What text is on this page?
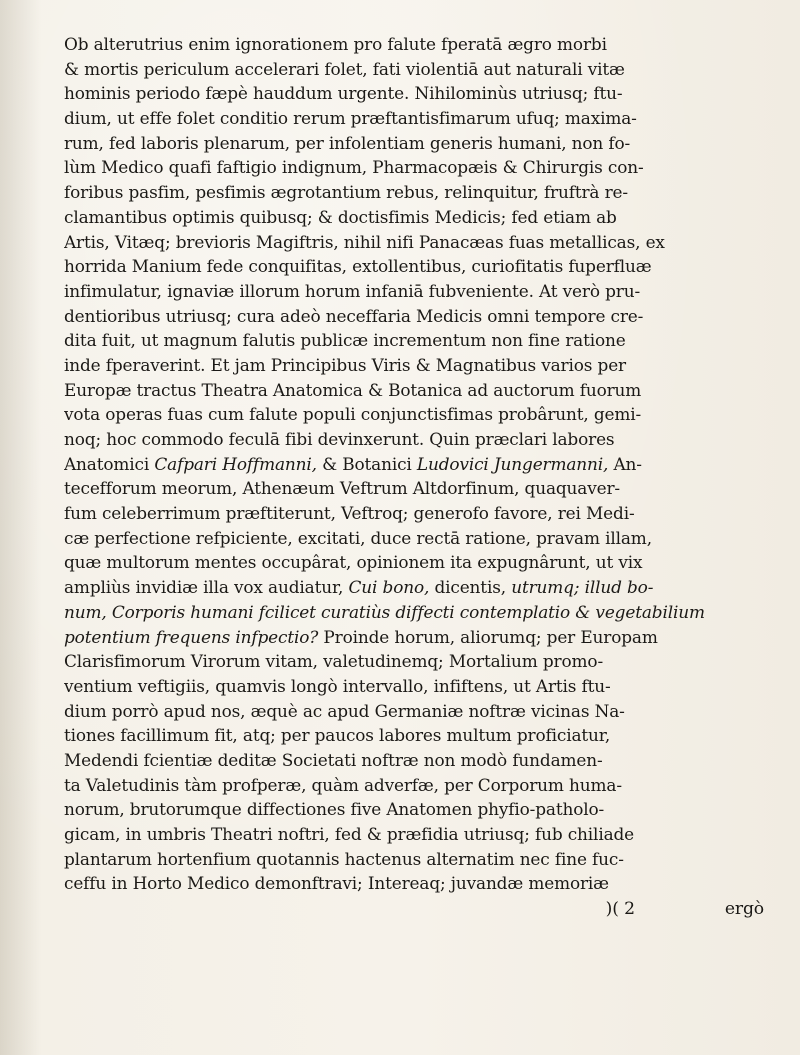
Ob alterutrius enim ignorationem pro falute fperatā ægro morbi
& mortis periculum accelerari folet, fati violentiā aut naturali vitæ
hominis periodo fæpè hauddum urgente. Nihilominùs utriusq; ftu-
dium, ut effe folet conditio rerum præftantisfimarum ufuq; maxima-
rum, fed laboris plenarum, per infolentiam generis humani, non fo-
lùm Medico quafi faftigio indignum, Pharmacopæis & Chirurgis con-
foribus pasfim, pesfimis ægrotantium rebus, relinquitur, fruftrà re-
clamantibus optimis quibusq; & doctisfimis Medicis; fed etiam ab
Artis, Vitæq; brevioris Magiftris, nihil nifi Panacæas fuas metallicas, ex
horrida Manium fede conquifitas, extollentibus, curiofitatis fuperfluæ
infimulatur, ignaviæ illorum horum infaniā fubveniente. At verò pru-
dentioribus utriusq; cura adeò neceffaria Medicis omni tempore cre-
dita fuit, ut magnum falutis publicæ incrementum non fine ratione
inde fperaverint. Et jam Principibus Viris & Magnatibus varios per
Europæ tractus Theatra Anatomica & Botanica ad auctorum fuorum
vota operas fuas cum falute populi conjunctisfimas probârunt, gemi-
noq; hoc commodo feculā fibi devinxerunt. Quin præclari labores
Anatomici Cafpari Hoffmanni, & Botanici Ludovici Jungermanni, An-
tecefforum meorum, Athenæum Veftrum Altdorfinum, quaquaver-
fum celeberrimum præftiterunt, Veftroq; generofo favore, rei Medi-
cæ perfectione refpiciente, excitati, duce rectā ratione, pravam illam,
quæ multorum mentes occupârat, opinionem ita expugnârunt, ut vix
ampliùs invidiæ illa vox audiatur, Cui bono, dicentis, utrumq; illud bo-
num, Corporis humani fcilicet curatiùs diffecti contemplatio & vegetabilium
potentium frequens infpectio? Proinde horum, aliorumq; per Europam
Clarisfimorum Virorum vitam, valetudinemq; Mortalium promo-
ventium veftigiis, quamvis longò intervallo, infiftens, ut Artis ftu-
dium porrò apud nos, æquè ac apud Germaniæ noftræ vicinas Na-
tiones facillimum fit, atq; per paucos labores multum proficiatur,
Medendi fcientiæ deditæ Societati noftræ non modò fundamen-
ta Valetudinis tàm profperæ, quàm adverfæ, per Corporum huma-
norum, brutorumque diffectiones five Anatomen phyfio-patholo-
gicam, in umbris Theatri noftri, fed & præfidia utriusq; fub chiliade
plantarum hortenfium quotannis hactenus alternatim nec fine fuc-
ceffu in Horto Medico demonftravi; Intereaq; juvandæ memoriæ
)( 2	ergò
